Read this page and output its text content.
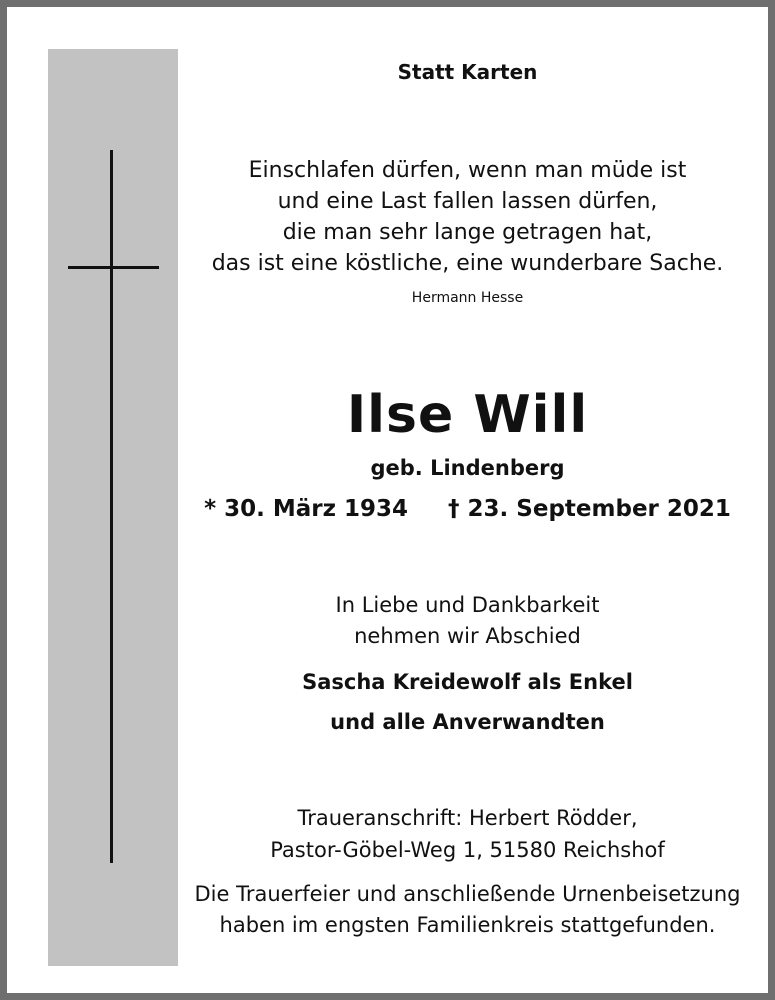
Statt Karten
Einschlafen dürfen, wenn man müde ist
und eine Last fallen lassen dürfen,
die man sehr lange getragen hat,
das ist eine köstliche, eine wunderbare Sache.
Hermann Hesse
Ilse Will
geb. Lindenberg
* 30. März 1934 † 23. September 2021
In Liebe und Dankbarkeit
nehmen wir Abschied
Sascha Kreidewolf als Enkel
und alle Anverwandten
Traueranschrift: Herbert Rödder,
Pastor-Göbel-Weg 1, 51580 Reichshof
Die Trauerfeier und anschließende Urnenbeisetzung
haben im engsten Familienkreis stattgefunden.
